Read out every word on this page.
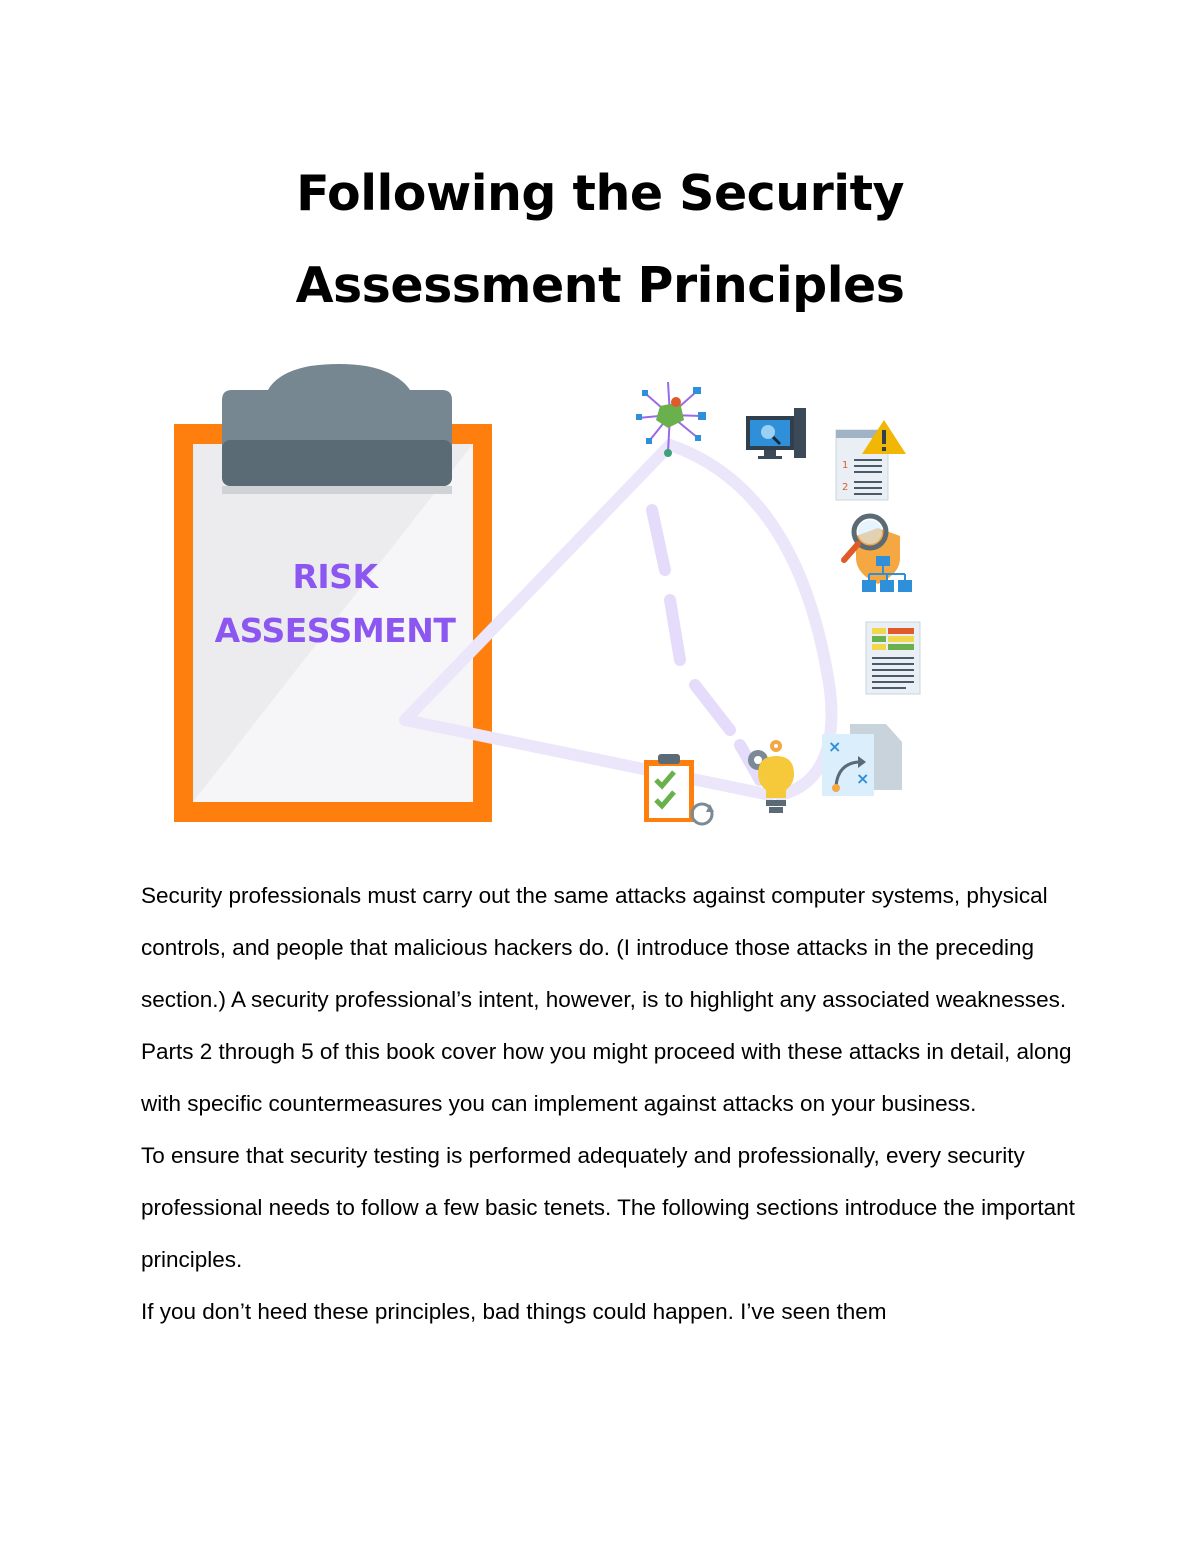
Following the Security
Assessment Principles
1
2
×
×
RISK
ASSESSMENT

Security professionals must carry out the same attacks against computer systems, physical controls, and people that malicious hackers do. (I introduce those attacks in the preceding section.) A security professional’s intent, however, is to highlight any associated weaknesses. Parts 2 through 5 of this book cover how you might proceed with these attacks in detail, along with specific countermeasures you can implement against attacks on your business.

To ensure that security testing is performed adequately and professionally, every security professional needs to follow a few basic tenets. The following sections introduce the important principles.

If you don’t heed these principles, bad things could happen. I’ve seen them
